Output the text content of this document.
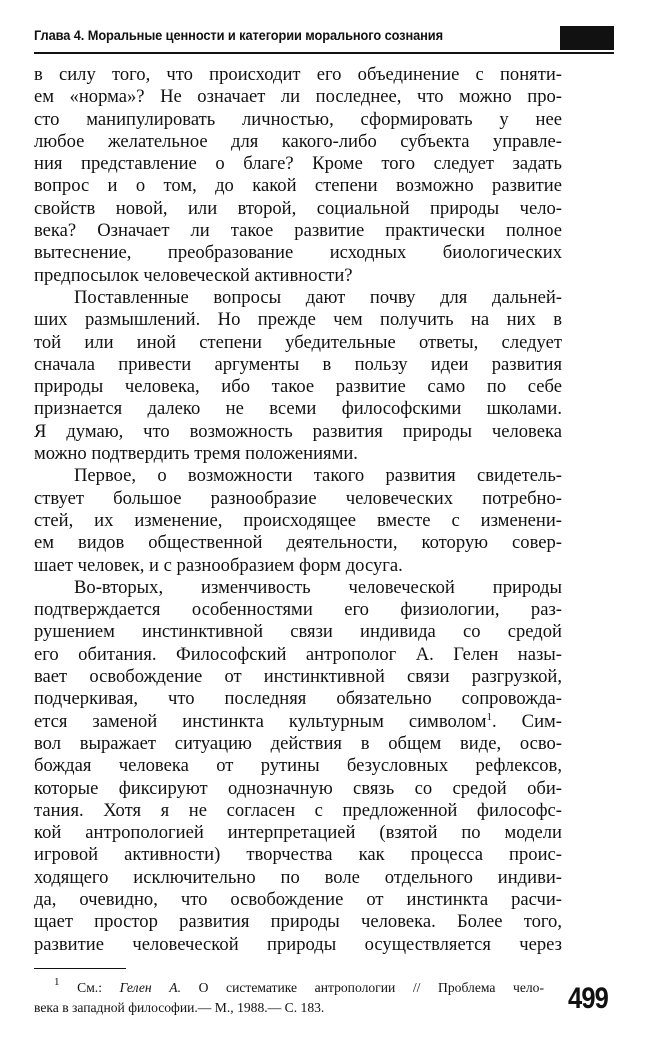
Глава 4. Моральные ценности и категории морального сознания
в силу того, что происходит его объединение с поняти-
ем «норма»? Не означает ли последнее, что можно про-
сто манипулировать личностью, сформировать у нее
любое желательное для какого-либо субъекта управле-
ния представление о благе? Кроме того следует задать
вопрос и о том, до какой степени возможно развитие
свойств новой, или второй, социальной природы чело-
века? Означает ли такое развитие практически полное
вытеснение, преобразование исходных биологических
предпосылок человеческой активности?
Поставленные вопросы дают почву для дальней-
ших размышлений. Но прежде чем получить на них в
той или иной степени убедительные ответы, следует
сначала привести аргументы в пользу идеи развития
природы человека, ибо такое развитие само по себе
признается далеко не всеми философскими школами.
Я думаю, что возможность развития природы человека
можно подтвердить тремя положениями.
Первое, о возможности такого развития свидетель-
ствует большое разнообразие человеческих потребно-
стей, их изменение, происходящее вместе с изменени-
ем видов общественной деятельности, которую совер-
шает человек, и с разнообразием форм досуга.
Во-вторых, изменчивость человеческой природы
подтверждается особенностями его физиологии, раз-
рушением инстинктивной связи индивида со средой
его обитания. Философский антрополог А. Гелен назы-
вает освобождение от инстинктивной связи разгрузкой,
подчеркивая, что последняя обязательно сопровожда-
ется заменой инстинкта культурным символом$^1$. Сим-
вол выражает ситуацию действия в общем виде, осво-
бождая человека от рутины безусловных рефлексов,
которые фиксируют однозначную связь со средой оби-
тания. Хотя я не согласен с предложенной философс-
кой антропологией интерпретацией (взятой по модели
игровой активности) творчества как процесса проис-
ходящего исключительно по воле отдельного индиви-
да, очевидно, что освобождение от инстинкта расчи-
щает простор развития природы человека. Более того,
развитие человеческой природы осуществляется через
$^1$ См.: Гелен А. О систематике антропологии // Проблема чело-
века в западной философии.— М., 1988.— С. 183.	499
